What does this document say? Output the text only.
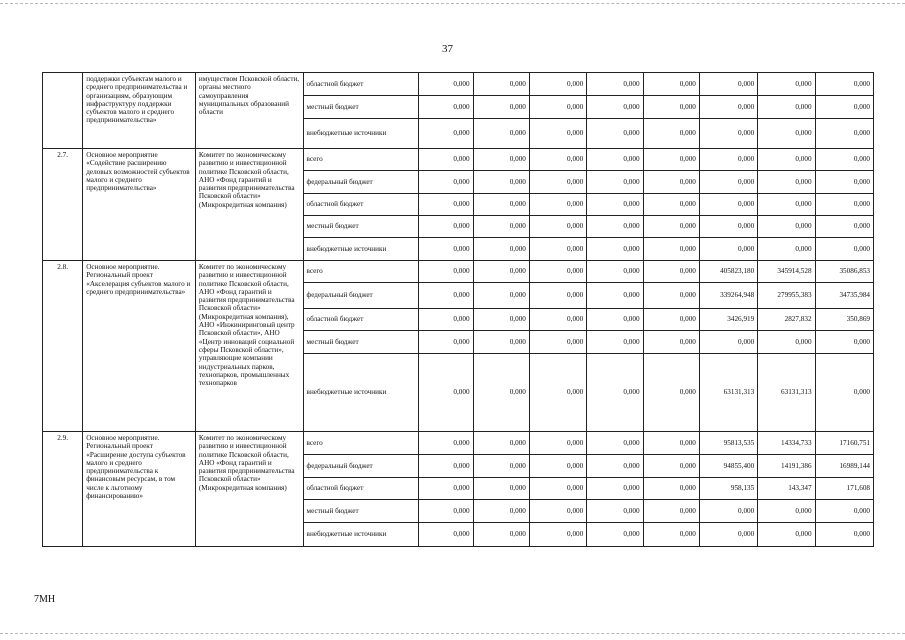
37
	поддержки субъектам малого и среднего предпринимательства и организациям, образующим инфраструктуру поддержки субъектов малого и среднего предпринимательства»	имуществом Псковской области, органы местного самоуправления муниципальных образований области	областной бюджет	0,000	0,000	0,000	0,000	0,000	0,000	0,000	0,000
			местный бюджет	0,000	0,000	0,000	0,000	0,000	0,000	0,000	0,000
			внебюджетные источники	0,000	0,000	0,000	0,000	0,000	0,000	0,000	0,000
2.7.	Основное мероприятие «Содействие расширению деловых возможностей субъектов малого и среднего предпринимательства»	Комитет по экономическому развитию и инвестиционной политике Псковской области, АНО «Фонд гарантий и развития предпринимательства Псковской области» (Микрокредитная компания)	всего	0,000	0,000	0,000	0,000	0,000	0,000	0,000	0,000
			федеральный бюджет	0,000	0,000	0,000	0,000	0,000	0,000	0,000	0,000
			областной бюджет	0,000	0,000	0,000	0,000	0,000	0,000	0,000	0,000
			местный бюджет	0,000	0,000	0,000	0,000	0,000	0,000	0,000	0,000
			внебюджетные источники	0,000	0,000	0,000	0,000	0,000	0,000	0,000	0,000
2.8.	Основное мероприятие. Региональный проект «Акселерация субъектов малого и среднего предпринимательства»	Комитет по экономическому развитию и инвестиционной политике Псковской области, АНО «Фонд гарантий и развития предпринимательства Псковской области» (Микрокредитная компания), АНО «Инжиниринговый центр Псковской области», АНО «Центр инноваций социальной сферы Псковской области», управляющие компании индустриальных парков, технопарков, промышленных технопарков	всего	0,000	0,000	0,000	0,000	0,000	405823,180	345914,528	35086,853
			федеральный бюджет	0,000	0,000	0,000	0,000	0,000	339264,948	279955,383	34735,984
			областной бюджет	0,000	0,000	0,000	0,000	0,000	3426,919	2827,832	350,869
			местный бюджет	0,000	0,000	0,000	0,000	0,000	0,000	0,000	0,000
			внебюджетные источники	0,000	0,000	0,000	0,000	0,000	63131,313	63131,313	0,000
2.9.	Основное мероприятие. Региональный проект «Расширение доступа субъектов малого и среднего предпринимательства к финансовым ресурсам, в том числе к льготному финансированию»	Комитет по экономическому развитию и инвестиционной политике Псковской области, АНО «Фонд гарантий и развития предпринимательства Псковской области» (Микрокредитная компания)	всего	0,000	0,000	0,000	0,000	0,000	95813,535	14334,733	17160,751
			федеральный бюджет	0,000	0,000	0,000	0,000	0,000	94855,400	14191,386	16989,144
			областной бюджет	0,000	0,000	0,000	0,000	0,000	958,135	143,347	171,608
			местный бюджет	0,000	0,000	0,000	0,000	0,000	0,000	0,000	0,000
			внебюджетные источники	0,000	0,000	0,000	0,000	0,000	0,000	0,000	0,000
7МН
